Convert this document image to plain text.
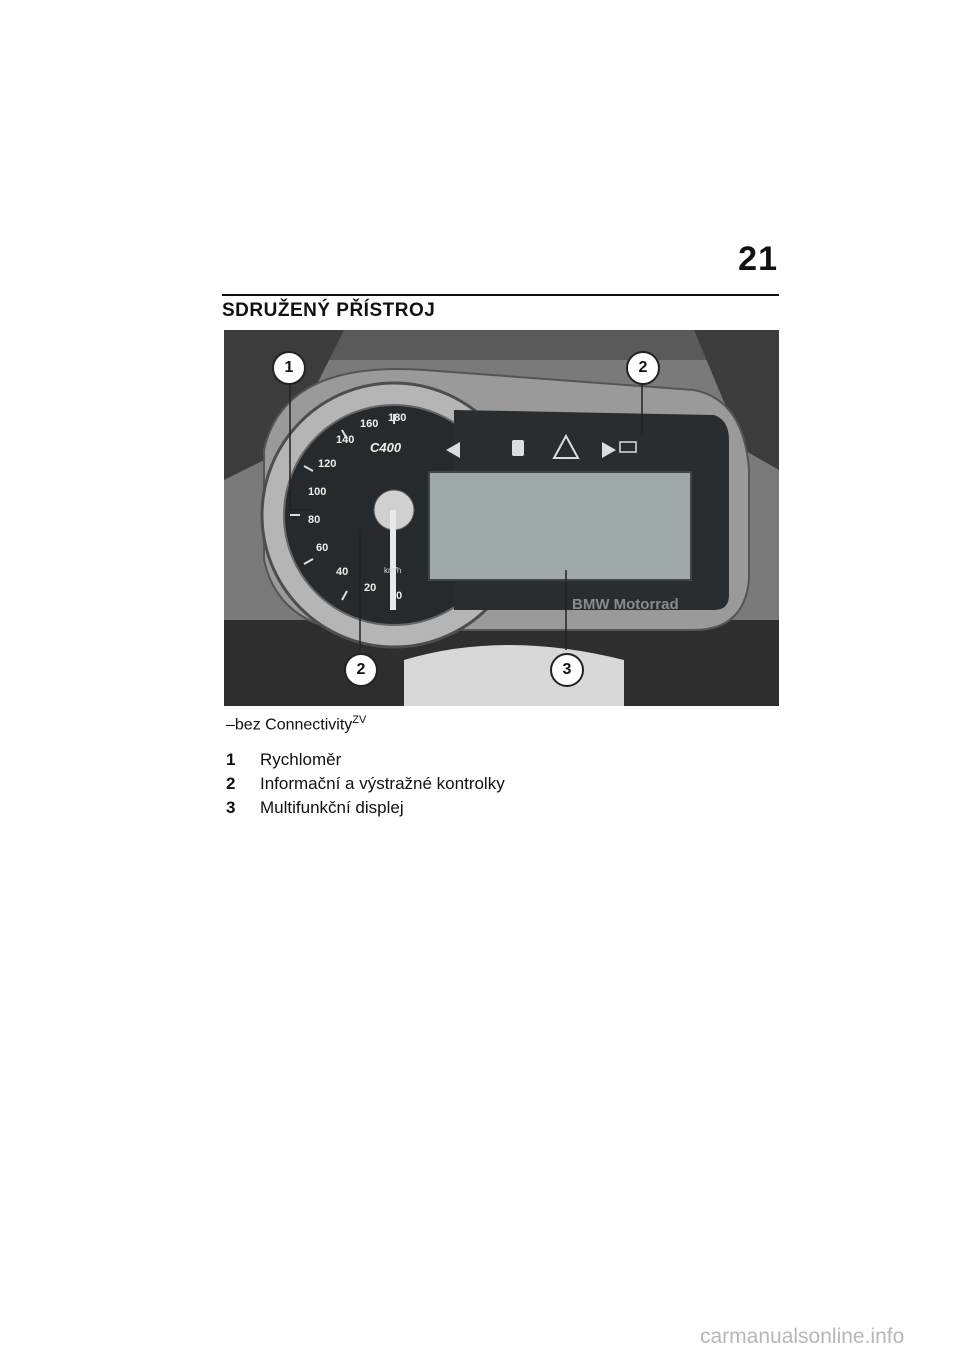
21
SDRUŽENÝ PŘÍSTROJ
0
20
40
60
80
100
120
140
160 180
C400
km/h
BMW Motorrad
1	2
2	3
–bez Connectivity$^{ZV}$
1	Rychloměr
2	Informační a výstražné kontrolky
3	Multifunkční displej
carmanualsonline.info
